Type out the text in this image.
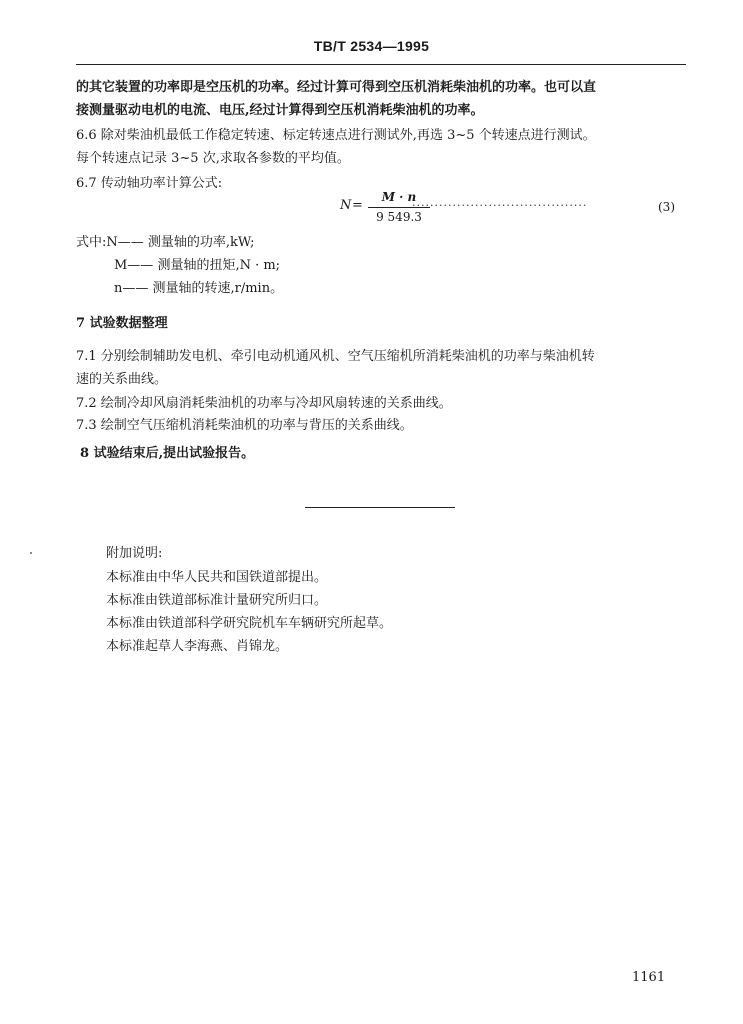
TB/T 2534—1995
的其它装置的功率即是空压机的功率。经过计算可得到空压机消耗柴油机的功率。也可以直
接测量驱动电机的电流、电压,经过计算得到空压机消耗柴油机的功率。
6.6 除对柴油机最低工作稳定转速、标定转速点进行测试外,再选 3~5 个转速点进行测试。
每个转速点记录 3~5 次,求取各参数的平均值。
6.7 传动轴功率计算公式:
N =
M · n
9 549.3
·······································	(3)
式中:N—— 测量轴的功率,kW;
M—— 测量轴的扭矩,N · m;
n—— 测量轴的转速,r/min。
7 试验数据整理
7.1 分别绘制辅助发电机、牵引电动机通风机、空气压缩机所消耗柴油机的功率与柴油机转
速的关系曲线。
7.2 绘制冷却风扇消耗柴油机的功率与冷却风扇转速的关系曲线。
7.3 绘制空气压缩机消耗柴油机的功率与背压的关系曲线。
8 试验结束后,提出试验报告。
附加说明:
本标准由中华人民共和国铁道部提出。
本标准由铁道部标准计量研究所归口。
本标准由铁道部科学研究院机车车辆研究所起草。
本标准起草人李海燕、肖锦龙。
1161
